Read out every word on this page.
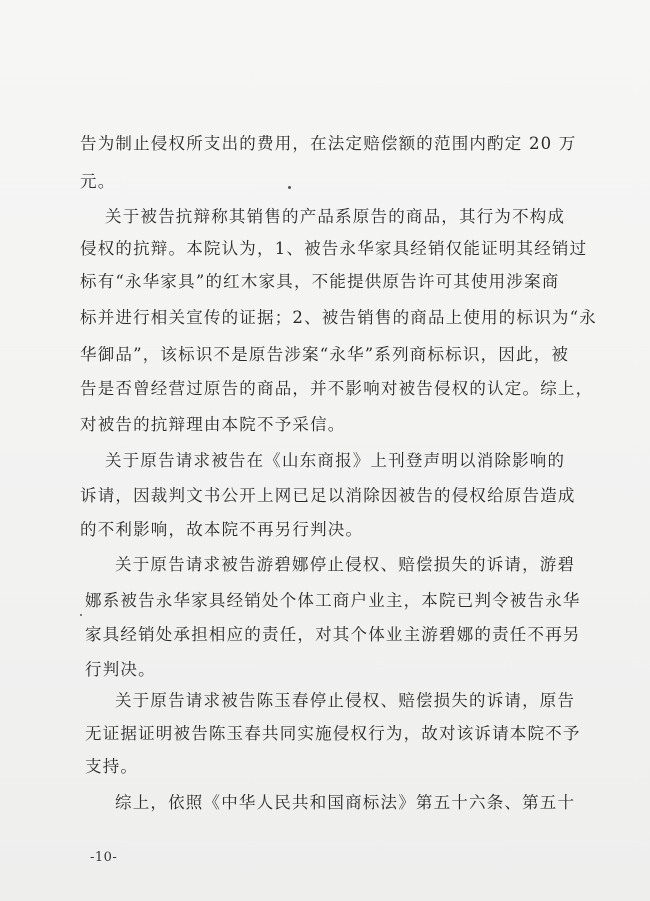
告为制止侵权所支出的费用，在法定赔偿额的范围内酌定 20 万
元。
关于被告抗辩称其销售的产品系原告的商品，其行为不构成
侵权的抗辩。本院认为，1、被告永华家具经销仅能证明其经销过
标有“永华家具”的红木家具，不能提供原告许可其使用涉案商
标并进行相关宣传的证据；2、被告销售的商品上使用的标识为“永
华御品”，该标识不是原告涉案“永华”系列商标标识，因此，被
告是否曾经营过原告的商品，并不影响对被告侵权的认定。综上，
对被告的抗辩理由本院不予采信。
关于原告请求被告在《山东商报》上刊登声明以消除影响的
诉请，因裁判文书公开上网已足以消除因被告的侵权给原告造成
的不利影响，故本院不再另行判决。
关于原告请求被告游碧娜停止侵权、赔偿损失的诉请，游碧
娜系被告永华家具经销处个体工商户业主，本院已判令被告永华
家具经销处承担相应的责任，对其个体业主游碧娜的责任不再另
行判决。
关于原告请求被告陈玉春停止侵权、赔偿损失的诉请，原告
无证据证明被告陈玉春共同实施侵权行为，故对该诉请本院不予
支持。
综上，依照《中华人民共和国商标法》第五十六条、第五十
-10-
